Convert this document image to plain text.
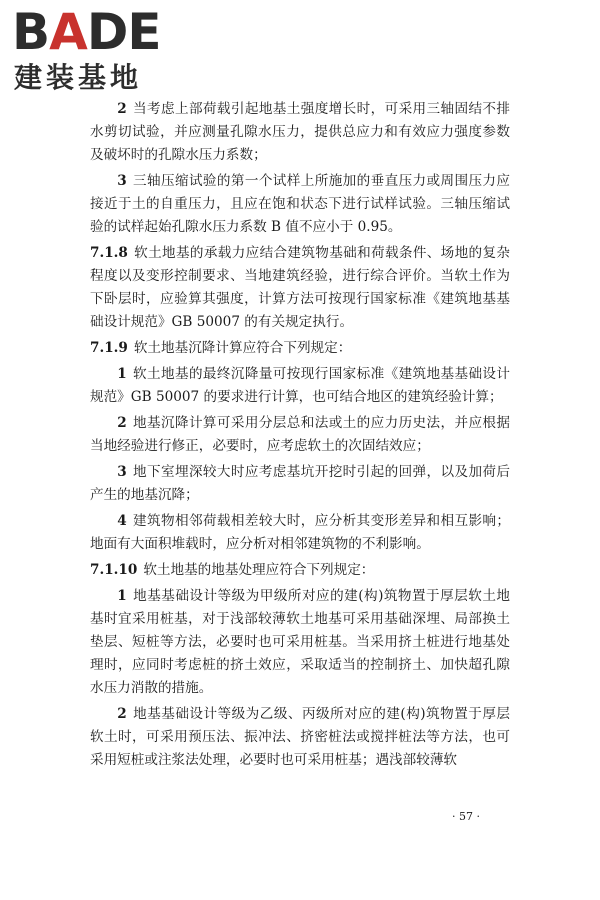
BADE
建装基地

2 当考虑上部荷载引起地基土强度增长时，可采用三轴固结不排水剪切试验，并应测量孔隙水压力，提供总应力和有效应力强度参数及破坏时的孔隙水压力系数；

3 三轴压缩试验的第一个试样上所施加的垂直压力或周围压力应接近于土的自重压力，且应在饱和状态下进行试样试验。三轴压缩试验的试样起始孔隙水压力系数 B 值不应小于 0.95。

7.1.8 软土地基的承载力应结合建筑物基础和荷载条件、场地的复杂程度以及变形控制要求、当地建筑经验，进行综合评价。当软土作为下卧层时，应验算其强度，计算方法可按现行国家标准《建筑地基基础设计规范》GB 50007 的有关规定执行。

7.1.9 软土地基沉降计算应符合下列规定：

1 软土地基的最终沉降量可按现行国家标准《建筑地基基础设计规范》GB 50007 的要求进行计算，也可结合地区的建筑经验计算；

2 地基沉降计算可采用分层总和法或土的应力历史法，并应根据当地经验进行修正，必要时，应考虑软土的次固结效应；

3 地下室埋深较大时应考虑基坑开挖时引起的回弹，以及加荷后产生的地基沉降；

4 建筑物相邻荷载相差较大时，应分析其变形差异和相互影响；地面有大面积堆载时，应分析对相邻建筑物的不利影响。

7.1.10 软土地基的地基处理应符合下列规定：

1 地基基础设计等级为甲级所对应的建(构)筑物置于厚层软土地基时宜采用桩基，对于浅部较薄软土地基可采用基础深埋、局部换土垫层、短桩等方法，必要时也可采用桩基。当采用挤土桩进行地基处理时，应同时考虑桩的挤土效应，采取适当的控制挤土、加快超孔隙水压力消散的措施。

2 地基基础设计等级为乙级、丙级所对应的建(构)筑物置于厚层软土时，可采用预压法、振冲法、挤密桩法或搅拌桩法等方法，也可采用短桩或注浆法处理，必要时也可采用桩基；遇浅部较薄软

· 57 ·
